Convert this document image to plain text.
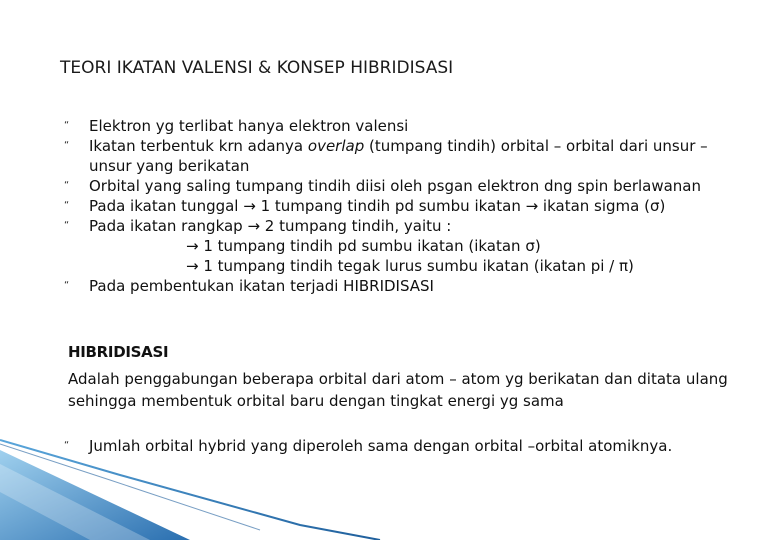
TEORI IKATAN VALENSI & KONSEP HIBRIDISASI
“ Elektron yg terlibat hanya elektron valensi
“ Ikatan terbentuk krn adanya overlap (tumpang tindih) orbital – orbital dari unsur – unsur yang berikatan
“ Orbital yang saling tumpang tindih diisi oleh psgan elektron dng spin berlawanan
“ Pada ikatan tunggal → 1 tumpang tindih pd sumbu ikatan → ikatan sigma (σ)
“ Pada ikatan rangkap → 2 tumpang tindih, yaitu :
→ 1 tumpang tindih pd sumbu ikatan (ikatan σ)
→ 1 tumpang tindih tegak lurus sumbu ikatan (ikatan pi / π)
“ Pada pembentukan ikatan terjadi HIBRIDISASI
HIBRIDISASI
Adalah penggabungan beberapa orbital dari atom – atom yg berikatan dan ditata ulang sehingga membentuk orbital baru dengan tingkat energi yg sama
“ Jumlah orbital hybrid yang diperoleh sama dengan orbital –orbital atomiknya.
